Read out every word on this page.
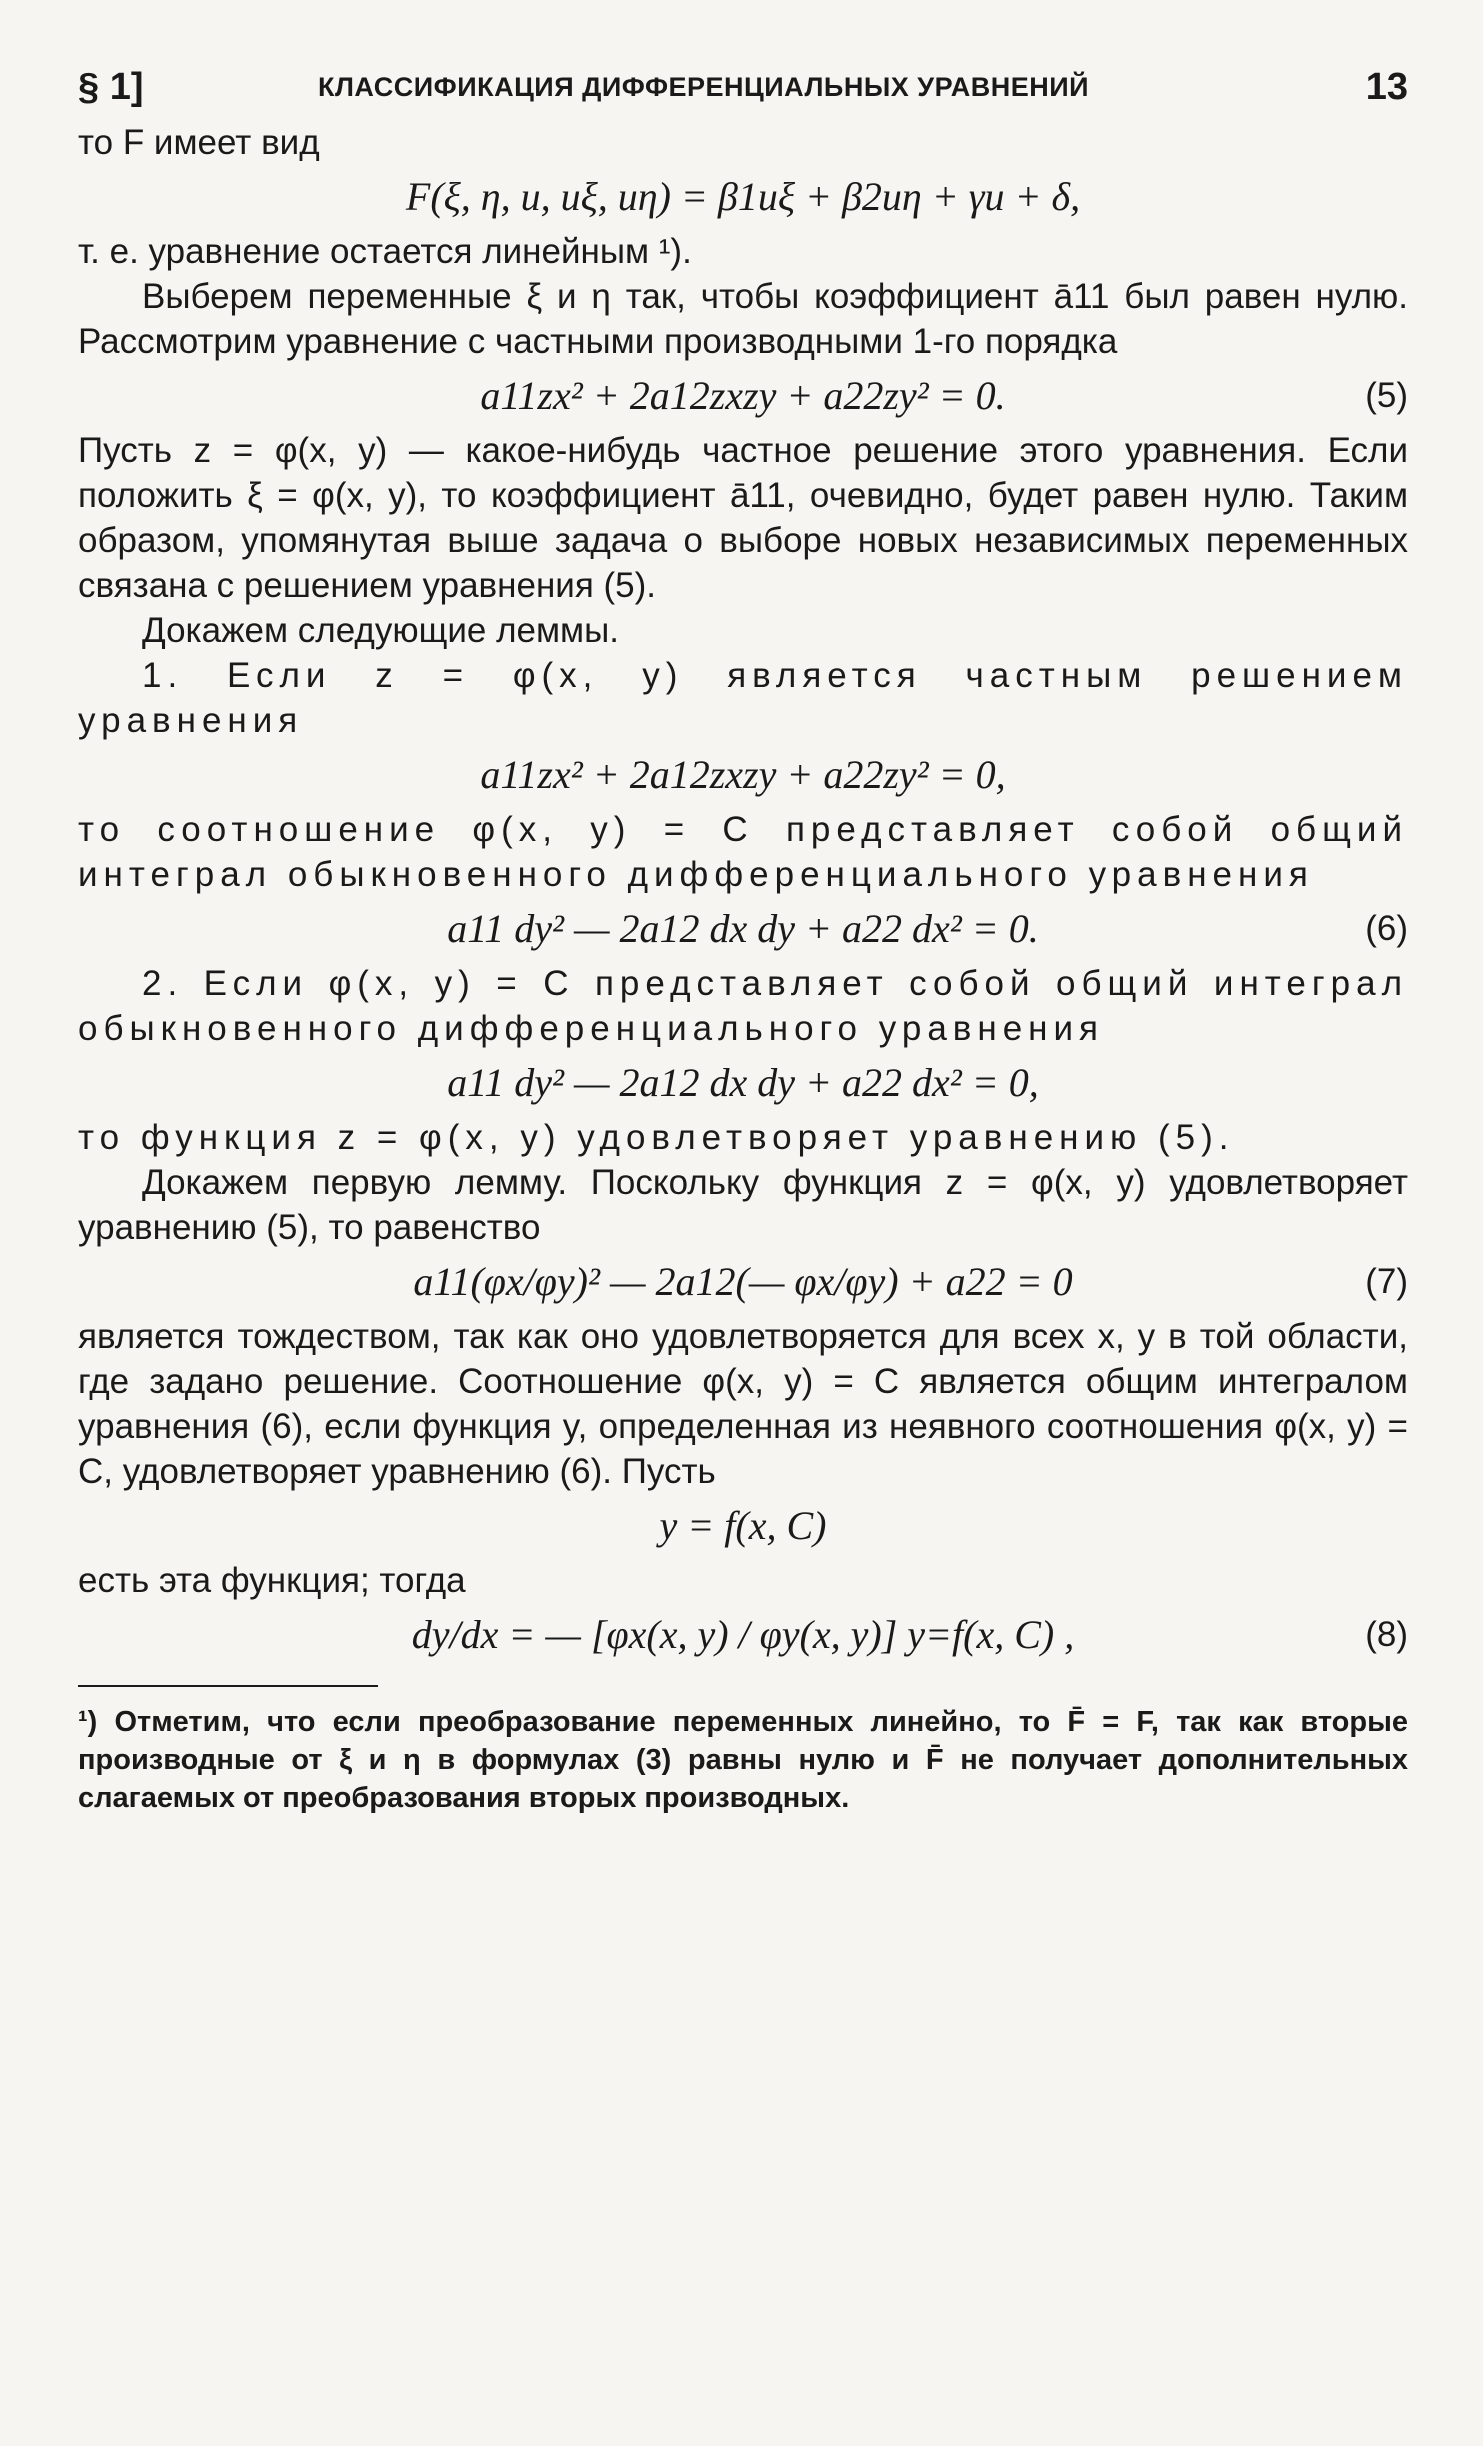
§ 1]	КЛАССИФИКАЦИЯ ДИФФЕРЕНЦИАЛЬНЫХ УРАВНЕНИЙ	13

то F имеет вид

F(ξ, η, u, uξ, uη) = β1uξ + β2uη + γu + δ,

т. е. уравнение остается линейным ¹).

Выберем переменные ξ и η так, чтобы коэффициент ā11 был равен нулю. Рассмотрим уравнение с частными производными 1-го порядка

a11zx² + 2a12zxzy + a22zy² = 0.	(5)

Пусть z = φ(x, y) — какое-нибудь частное решение этого уравнения. Если положить ξ = φ(x, y), то коэффициент ā11, очевидно, будет равен нулю. Таким образом, упомянутая выше задача о выборе новых независимых переменных связана с решением уравнения (5).

Докажем следующие леммы.

1. Если z = φ(x, y) является частным решением уравнения

a11zx² + 2a12zxzy + a22zy² = 0,

то соотношение φ(x, y) = C представляет собой общий интеграл обыкновенного дифференциального уравнения

a11 dy² — 2a12 dx dy + a22 dx² = 0.	(6)

2. Если φ(x, y) = C представляет собой общий интеграл обыкновенного дифференциального уравнения

a11 dy² — 2a12 dx dy + a22 dx² = 0,

то функция z = φ(x, y) удовлетворяет уравнению (5).

Докажем первую лемму. Поскольку функция z = φ(x, y) удовлетворяет уравнению (5), то равенство

a11(φx/φy)² — 2a12(— φx/φy) + a22 = 0	(7)

является тождеством, так как оно удовлетворяется для всех x, y в той области, где задано решение. Соотношение φ(x, y) = C является общим интегралом уравнения (6), если функция y, определенная из неявного соотношения φ(x, y) = C, удовлетворяет уравнению (6). Пусть

y = f(x, C)

есть эта функция; тогда

dy/dx = — [φx(x, y) / φy(x, y)] y=f(x, C) ,	(8)

¹) Отметим, что если преобразование переменных линейно, то F̄ = F, так как вторые производные от ξ и η в формулах (3) равны нулю и F̄ не получает дополнительных слагаемых от преобразования вторых производных.
